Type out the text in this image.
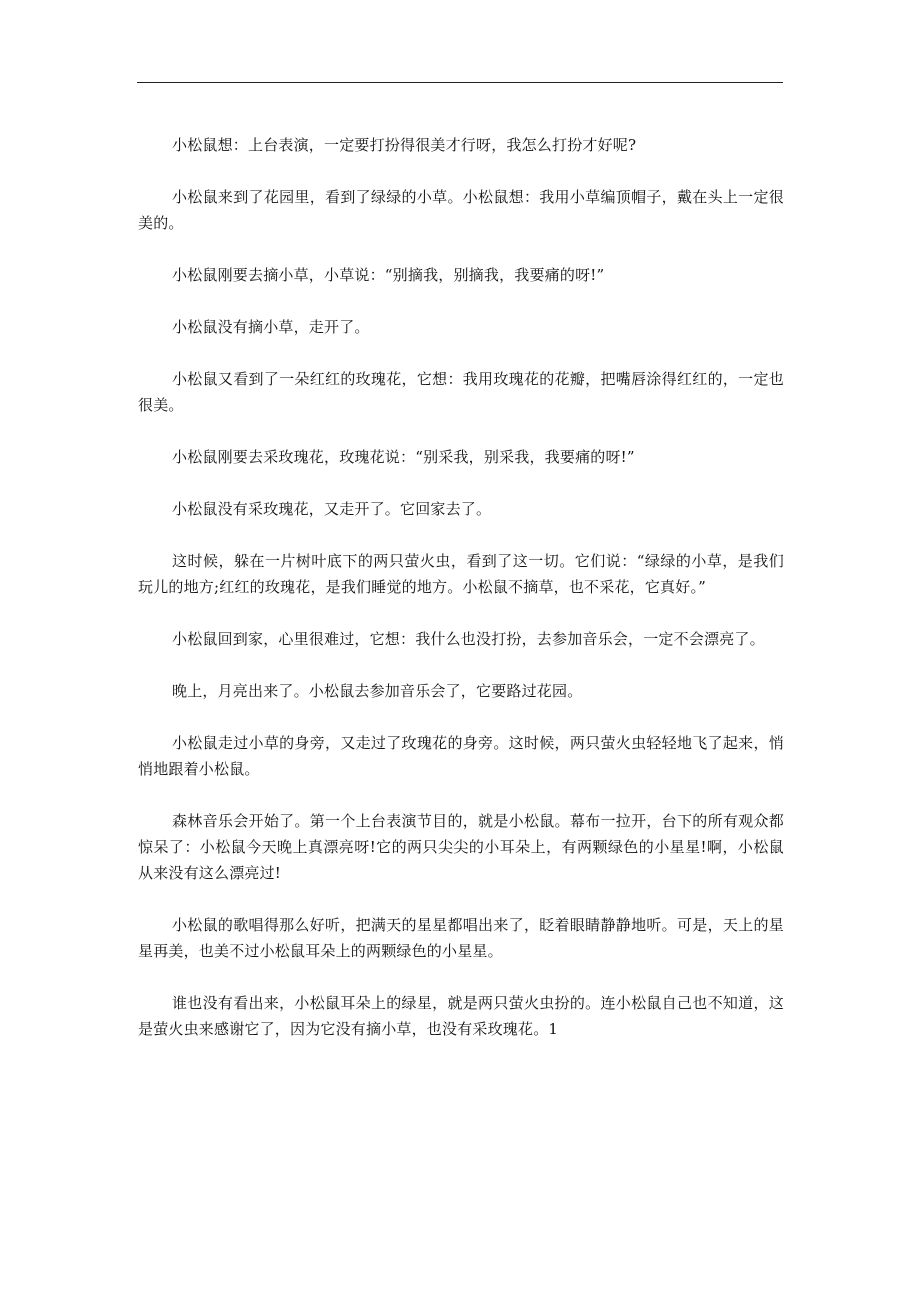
小松鼠想：上台表演，一定要打扮得很美才行呀，我怎么打扮才好呢?

小松鼠来到了花园里，看到了绿绿的小草。小松鼠想：我用小草编顶帽子，戴在头上一定很美的。

小松鼠刚要去摘小草，小草说：“别摘我，别摘我，我要痛的呀!”

小松鼠没有摘小草，走开了。

小松鼠又看到了一朵红红的玫瑰花，它想：我用玫瑰花的花瓣，把嘴唇涂得红红的，一定也很美。

小松鼠刚要去采玫瑰花，玫瑰花说：“别采我，别采我，我要痛的呀!”

小松鼠没有采玫瑰花，又走开了。它回家去了。

这时候，躲在一片树叶底下的两只萤火虫，看到了这一切。它们说：“绿绿的小草，是我们玩儿的地方;红红的玫瑰花，是我们睡觉的地方。小松鼠不摘草，也不采花，它真好。”

小松鼠回到家，心里很难过，它想：我什么也没打扮，去参加音乐会，一定不会漂亮了。

晚上，月亮出来了。小松鼠去参加音乐会了，它要路过花园。

小松鼠走过小草的身旁，又走过了玫瑰花的身旁。这时候，两只萤火虫轻轻地飞了起来，悄悄地跟着小松鼠。

森林音乐会开始了。第一个上台表演节目的，就是小松鼠。幕布一拉开，台下的所有观众都惊呆了：小松鼠今天晚上真漂亮呀!它的两只尖尖的小耳朵上，有两颗绿色的小星星!啊，小松鼠从来没有这么漂亮过!

小松鼠的歌唱得那么好听，把满天的星星都唱出来了，眨着眼睛静静地听。可是，天上的星星再美，也美不过小松鼠耳朵上的两颗绿色的小星星。

谁也没有看出来，小松鼠耳朵上的绿星，就是两只萤火虫扮的。连小松鼠自己也不知道，这是萤火虫来感谢它了，因为它没有摘小草，也没有采玫瑰花。1
